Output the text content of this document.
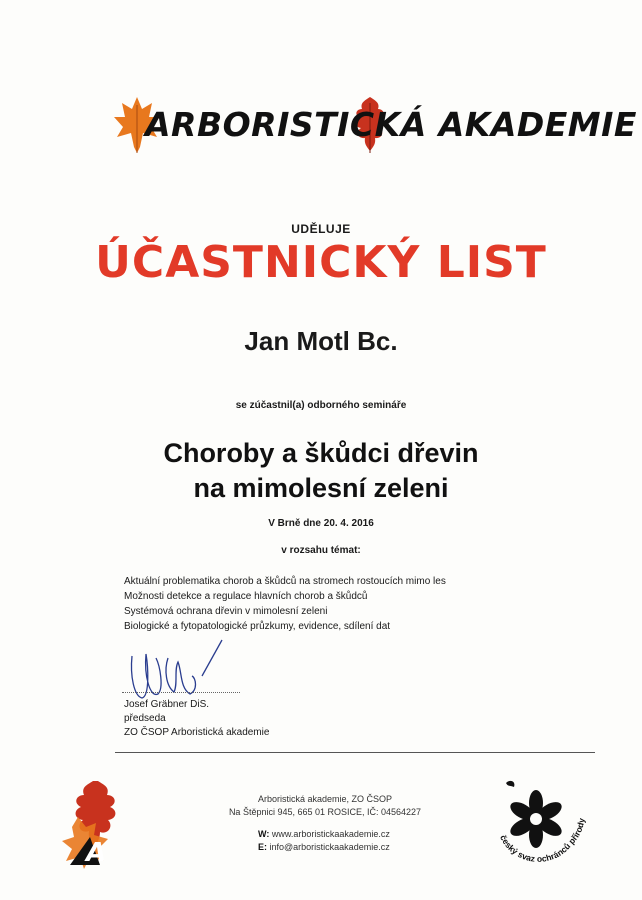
ARBORISTICKÁ AKADEMIE
UDĚLUJE
ÚČASTNICKÝ LIST
Jan Motl Bc.
se zúčastnil(a) odborného semináře
Choroby a škůdci dřevin
na mimolesní zeleni
V Brně dne 20. 4. 2016
v rozsahu témat:
Aktuální problematika chorob a škůdců na stromech rostoucích mimo les
Možnosti detekce a regulace hlavních chorob a škůdců
Systémová ochrana dřevin v mimolesní zeleni
Biologické a fytopatologické průzkumy, evidence, sdílení dat
Josef Gräbner DiS.
předseda
ZO ČSOP Arboristická akademie
A
Arboristická akademie, ZO ČSOP
Na Štěpnici 945, 665 01 ROSICE, IČ: 04564227
W: www.arboristickaakademie.cz
E: info@arboristickaakademie.cz
český svaz ochránců přírody
